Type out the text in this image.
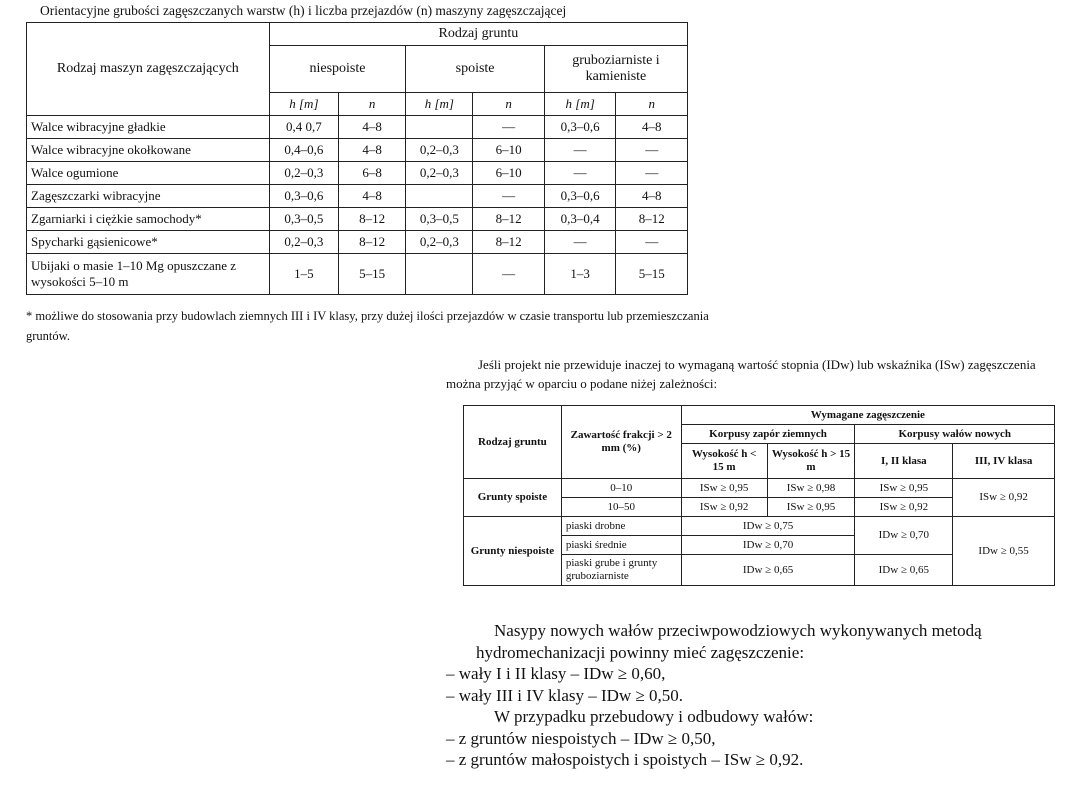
Orientacyjne grubości zagęszczanych warstw (h) i liczba przejazdów (n) maszyny zagęszczającej
Rodzaj maszyn zagęszczających	Rodzaj gruntu					
	niespoiste		spoiste		gruboziarniste i kamieniste	
	h [m]	n	h [m]	n	h [m]	n
Walce wibracyjne gładkie	0,4 0,7	4–8		—	0,3–0,6	4–8
Walce wibracyjne okołkowane	0,4–0,6	4–8	0,2–0,3	6–10	—	—
Walce ogumione	0,2–0,3	6–8	0,2–0,3	6–10	—	—
Zagęszczarki wibracyjne	0,3–0,6	4–8		—	0,3–0,6	4–8
Zgarniarki i ciężkie samochody*	0,3–0,5	8–12	0,3–0,5	8–12	0,3–0,4	8–12
Spycharki gąsienicowe*	0,2–0,3	8–12	0,2–0,3	8–12	—	—
Ubijaki o masie 1–10 Mg opuszczane z wysokości 5–10 m	1–5	5–15		—	1–3	5–15
* możliwe do stosowania przy budowlach ziemnych III i IV klasy, przy dużej ilości przejazdów w czasie transportu lub przemieszczania gruntów.
Jeśli projekt nie przewiduje inaczej to wymaganą wartość stopnia (IDw) lub wskaźnika (ISw) zagęszczenia można przyjąć w oparciu o podane niżej zależności:
Rodzaj gruntu	Zawartość frakcji > 2 mm (%)	Wymagane zagęszczenie			
		Korpusy zapór ziemnych		Korpusy wałów nowych	
		Wysokość h < 15 m	Wysokość h > 15 m	I, II klasa	III, IV klasa
Grunty spoiste	0–10	ISw ≥ 0,95	ISw ≥ 0,98	ISw ≥ 0,95	ISw ≥ 0,92
	10–50	ISw ≥ 0,92	ISw ≥ 0,95	ISw ≥ 0,92	
Grunty niespoiste	piaski drobne	IDw ≥ 0,75		IDw ≥ 0,70	IDw ≥ 0,55
	piaski średnie	IDw ≥ 0,70			
	piaski grube i grunty gruboziarniste	IDw ≥ 0,65		IDw ≥ 0,65	
Nasypy nowych wałów przeciwpowodziowych wykonywanych metodą
hydromechanizacji powinny mieć zagęszczenie:
– wały I i II klasy – IDw ≥ 0,60,
– wały III i IV klasy – IDw ≥ 0,50.
W przypadku przebudowy i odbudowy wałów:
– z gruntów niespoistych – IDw ≥ 0,50,
– z gruntów małospoistych i spoistych – ISw ≥ 0,92.
